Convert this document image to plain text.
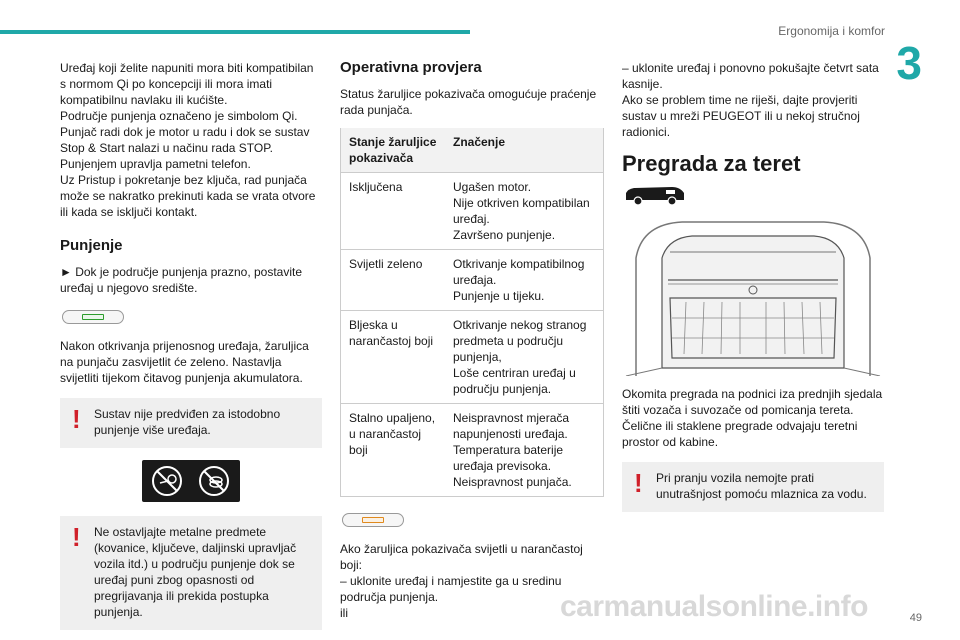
Ergonomija i komfor
3

Uređaj koji želite napuniti mora biti kompatibilan s normom Qi po koncepciji ili mora imati kompatibilnu navlaku ili kućište.
Područje punjenja označeno je simbolom Qi.
Punjač radi dok je motor u radu i dok se sustav Stop & Start nalazi u načinu rada STOP.
Punjenjem upravlja pametni telefon.
Uz Pristup i pokretanje bez ključa, rad punjača može se nakratko prekinuti kada se vrata otvore ili kada se isključi kontakt.

Punjenje

► Dok je područje punjenja prazno, postavite uređaj u njegovo središte.

Nakon otkrivanja prijenosnog uređaja, žaruljica na punjaču zasvijetlit će zeleno. Nastavlja svijetliti tijekom čitavog punjenja akumulatora.

! Sustav nije predviđen za istodobno punjenje više uređaja.

! Ne ostavljajte metalne predmete (kovanice, ključeve, daljinski upravljač vozila itd.) u području punjenje dok se uređaj puni zbog opasnosti od pregrijavanja ili prekida postupka punjenja.

Operativna provjera

Status žaruljice pokazivača omogućuje praćenje rada punjača.

Stanje žaruljice pokazivača	Značenje
Isključena	Ugašen motor.
Nije otkriven kompatibilan uređaj.
Završeno punjenje.
Svijetli zeleno	Otkrivanje kompatibilnog uređaja.
Punjenje u tijeku.
Bljeska u narančastoj boji	Otkrivanje nekog stranog predmeta u području punjenja,
Loše centriran uređaj u području punjenja.
Stalno upaljeno, u narančastoj boji	Neispravnost mjerača napunjenosti uređaja.
Temperatura baterije uređaja previsoka.
Neispravnost punjača.

Ako žaruljica pokazivača svijetli u narančastoj boji:
– uklonite uređaj i namjestite ga u sredinu područja punjenja.
ili

– uklonite uređaj i ponovno pokušajte četvrt sata kasnije.
Ako se problem time ne riješi, dajte provjeriti sustav u mreži PEUGEOT ili u nekoj stručnoj radionici.

Pregrada za teret

Okomita pregrada na podnici iza prednjih sjedala štiti vozača i suvozače od pomicanja tereta.
Čelične ili staklene pregrade odvajaju teretni prostor od kabine.

! Pri pranju vozila nemojte prati unutrašnjost pomoću mlaznica za vodu.

carmanualsonline.info	49
